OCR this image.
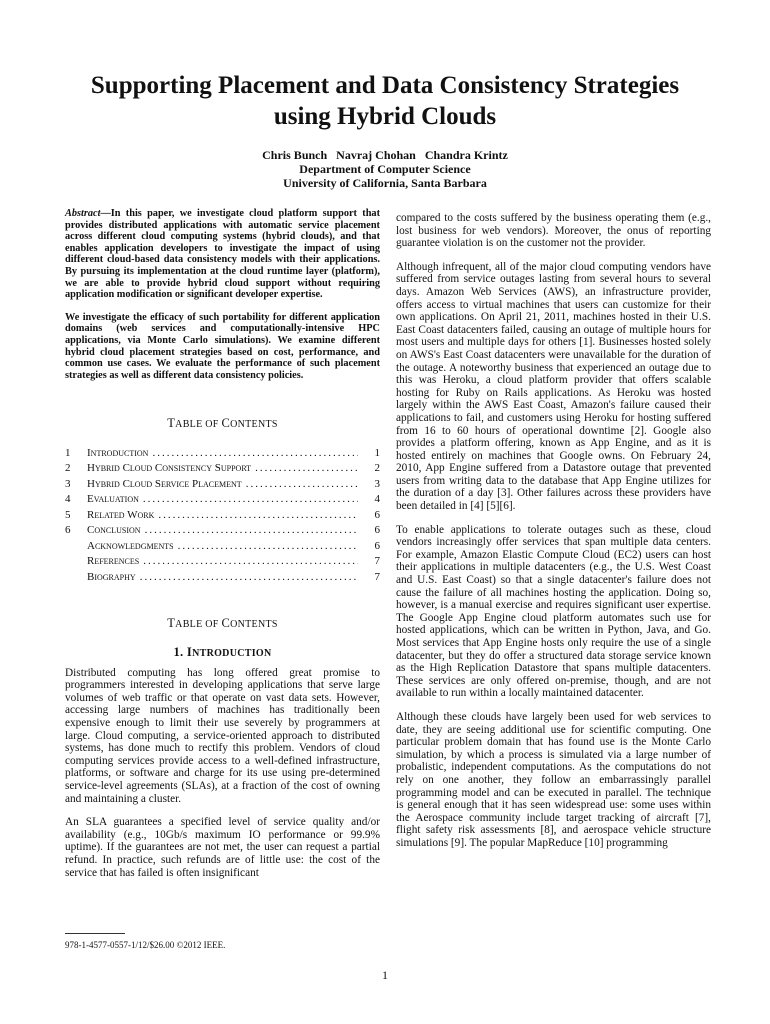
Supporting Placement and Data Consistency Strategies
using Hybrid Clouds
Chris Bunch   Navraj Chohan   Chandra Krintz
Department of Computer Science
University of California, Santa Barbara
Abstract—In this paper, we investigate cloud platform support that provides distributed applications with automatic service placement across different cloud computing systems (hybrid clouds), and that enables application developers to investigate the impact of using different cloud-based data consistency models with their applications. By pursuing its implementation at the cloud runtime layer (platform), we are able to provide hybrid cloud support without requiring application modification or significant developer expertise.
We investigate the efficacy of such portability for different application domains (web services and computationally-intensive HPC applications, via Monte Carlo simulations). We examine different hybrid cloud placement strategies based on cost, performance, and common use cases. We evaluate the performance of such placement strategies as well as different data consistency policies.
TABLE OF CONTENTS
1	Introduction .....	1
2	Hybrid Cloud Consistency Support .....	2
3	Hybrid Cloud Service Placement .....	3
4	Evaluation .....	4
5	Related Work .....	6
6	Conclusion .....	6
Acknowledgments .....	6
References .....	7
Biography .....	7
TABLE OF CONTENTS
1. INTRODUCTION

Distributed computing has long offered great promise to programmers interested in developing applications that serve large volumes of web traffic or that operate on vast data sets. However, accessing large numbers of machines has traditionally been expensive enough to limit their use severely by programmers at large. Cloud computing, a service-oriented approach to distributed systems, has done much to rectify this problem. Vendors of cloud computing services provide access to a well-defined infrastructure, platforms, or software and charge for its use using pre-determined service-level agreements (SLAs), at a fraction of the cost of owning and maintaining a cluster.

An SLA guarantees a specified level of service quality and/or availability (e.g., 10Gb/s maximum IO performance or 99.9% uptime). If the guarantees are not met, the user can request a partial refund. In practice, such refunds are of little use: the cost of the service that has failed is often insignificant

compared to the costs suffered by the business operating them (e.g., lost business for web vendors). Moreover, the onus of reporting guarantee violation is on the customer not the provider.

Although infrequent, all of the major cloud computing vendors have suffered from service outages lasting from several hours to several days. Amazon Web Services (AWS), an infrastructure provider, offers access to virtual machines that users can customize for their own applications. On April 21, 2011, machines hosted in their U.S. East Coast datacenters failed, causing an outage of multiple hours for most users and multiple days for others [1]. Businesses hosted solely on AWS's East Coast datacenters were unavailable for the duration of the outage. A noteworthy business that experienced an outage due to this was Heroku, a cloud platform provider that offers scalable hosting for Ruby on Rails applications. As Heroku was hosted largely within the AWS East Coast, Amazon's failure caused their applications to fail, and customers using Heroku for hosting suffered from 16 to 60 hours of operational downtime [2]. Google also provides a platform offering, known as App Engine, and as it is hosted entirely on machines that Google owns. On February 24, 2010, App Engine suffered from a Datastore outage that prevented users from writing data to the database that App Engine utilizes for the duration of a day [3]. Other failures across these providers have been detailed in [4] [5][6].

To enable applications to tolerate outages such as these, cloud vendors increasingly offer services that span multiple data centers. For example, Amazon Elastic Compute Cloud (EC2) users can host their applications in multiple datacenters (e.g., the U.S. West Coast and U.S. East Coast) so that a single datacenter's failure does not cause the failure of all machines hosting the application. Doing so, however, is a manual exercise and requires significant user expertise. The Google App Engine cloud platform automates such use for hosted applications, which can be written in Python, Java, and Go. Most services that App Engine hosts only require the use of a single datacenter, but they do offer a structured data storage service known as the High Replication Datastore that spans multiple datacenters. These services are only offered on-premise, though, and are not available to run within a locally maintained datacenter.

Although these clouds have largely been used for web services to date, they are seeing additional use for scientific computing. One particular problem domain that has found use is the Monte Carlo simulation, by which a process is simulated via a large number of probalistic, independent computations. As the computations do not rely on one another, they follow an embarrassingly parallel programming model and can be executed in parallel. The technique is general enough that it has seen widespread use: some uses within the Aerospace community include target tracking of aircraft [7], flight safety risk assessments [8], and aerospace vehicle structure simulations [9]. The popular MapReduce [10] programming

978-1-4577-0557-1/12/$26.00 ©2012 IEEE.
1
